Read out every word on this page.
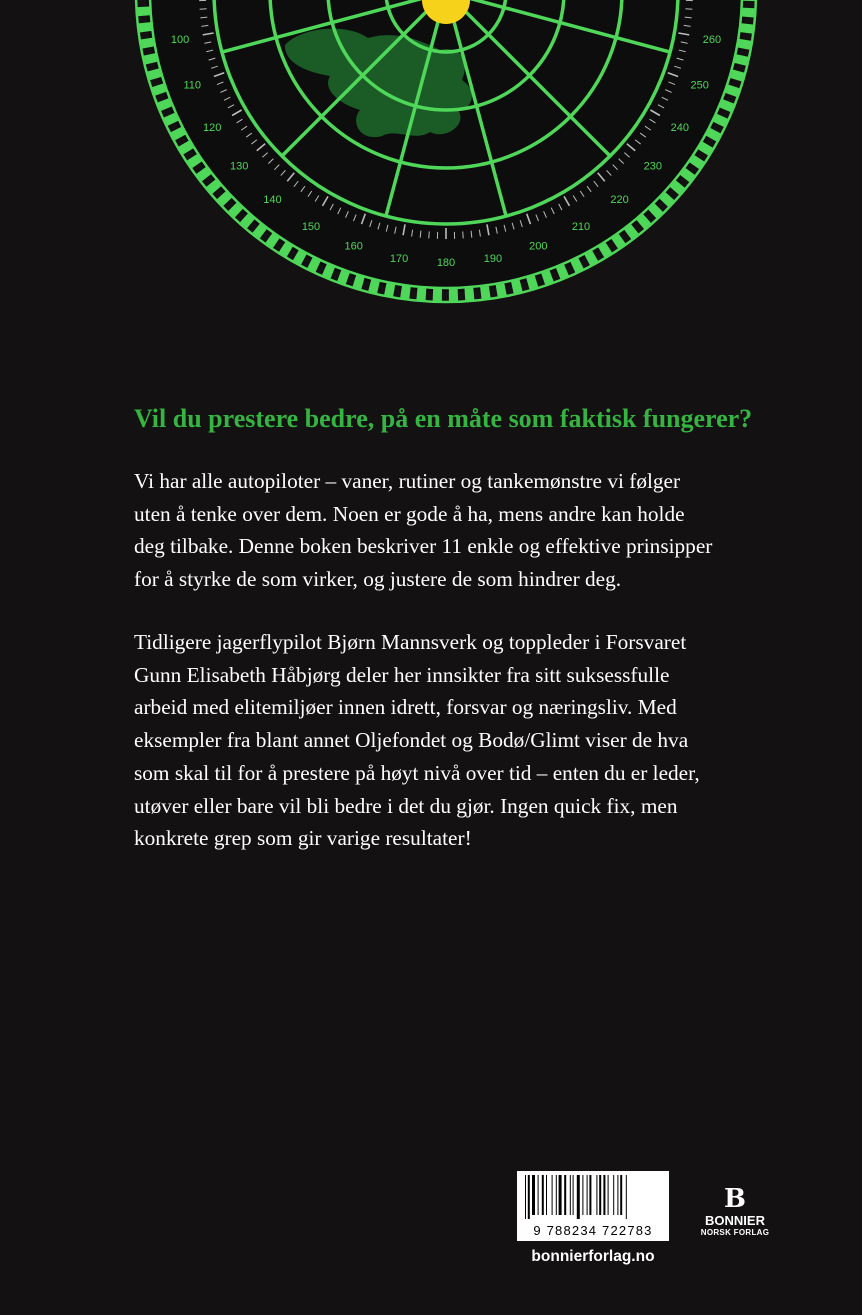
260
250
240
230
220
210
200
190
180
170
160
150
140
130
120
110
100
Vil du prestere bedre, på en måte som faktisk fungerer?
Vi har alle autopiloter – vaner, rutiner og tankemønstre vi følger
uten å tenke over dem. Noen er gode å ha, mens andre kan holde
deg tilbake. Denne boken beskriver 11 enkle og effektive prinsipper
for å styrke de som virker, og justere de som hindrer deg.
Tidligere jagerflypilot Bjørn Mannsverk og toppleder i Forsvaret
Gunn Elisabeth Håbjørg deler her innsikter fra sitt suksessfulle
arbeid med elitemiljøer innen idrett, forsvar og næringsliv. Med
eksempler fra blant annet Oljefondet og Bodø/Glimt viser de hva
som skal til for å prestere på høyt nivå over tid – enten du er leder,
utøver eller bare vil bli bedre i det du gjør. Ingen quick fix, men
konkrete grep som gir varige resultater!
9 788234 722783
bonnierforlag.no
B
BONNIER
NORSK FORLAG
